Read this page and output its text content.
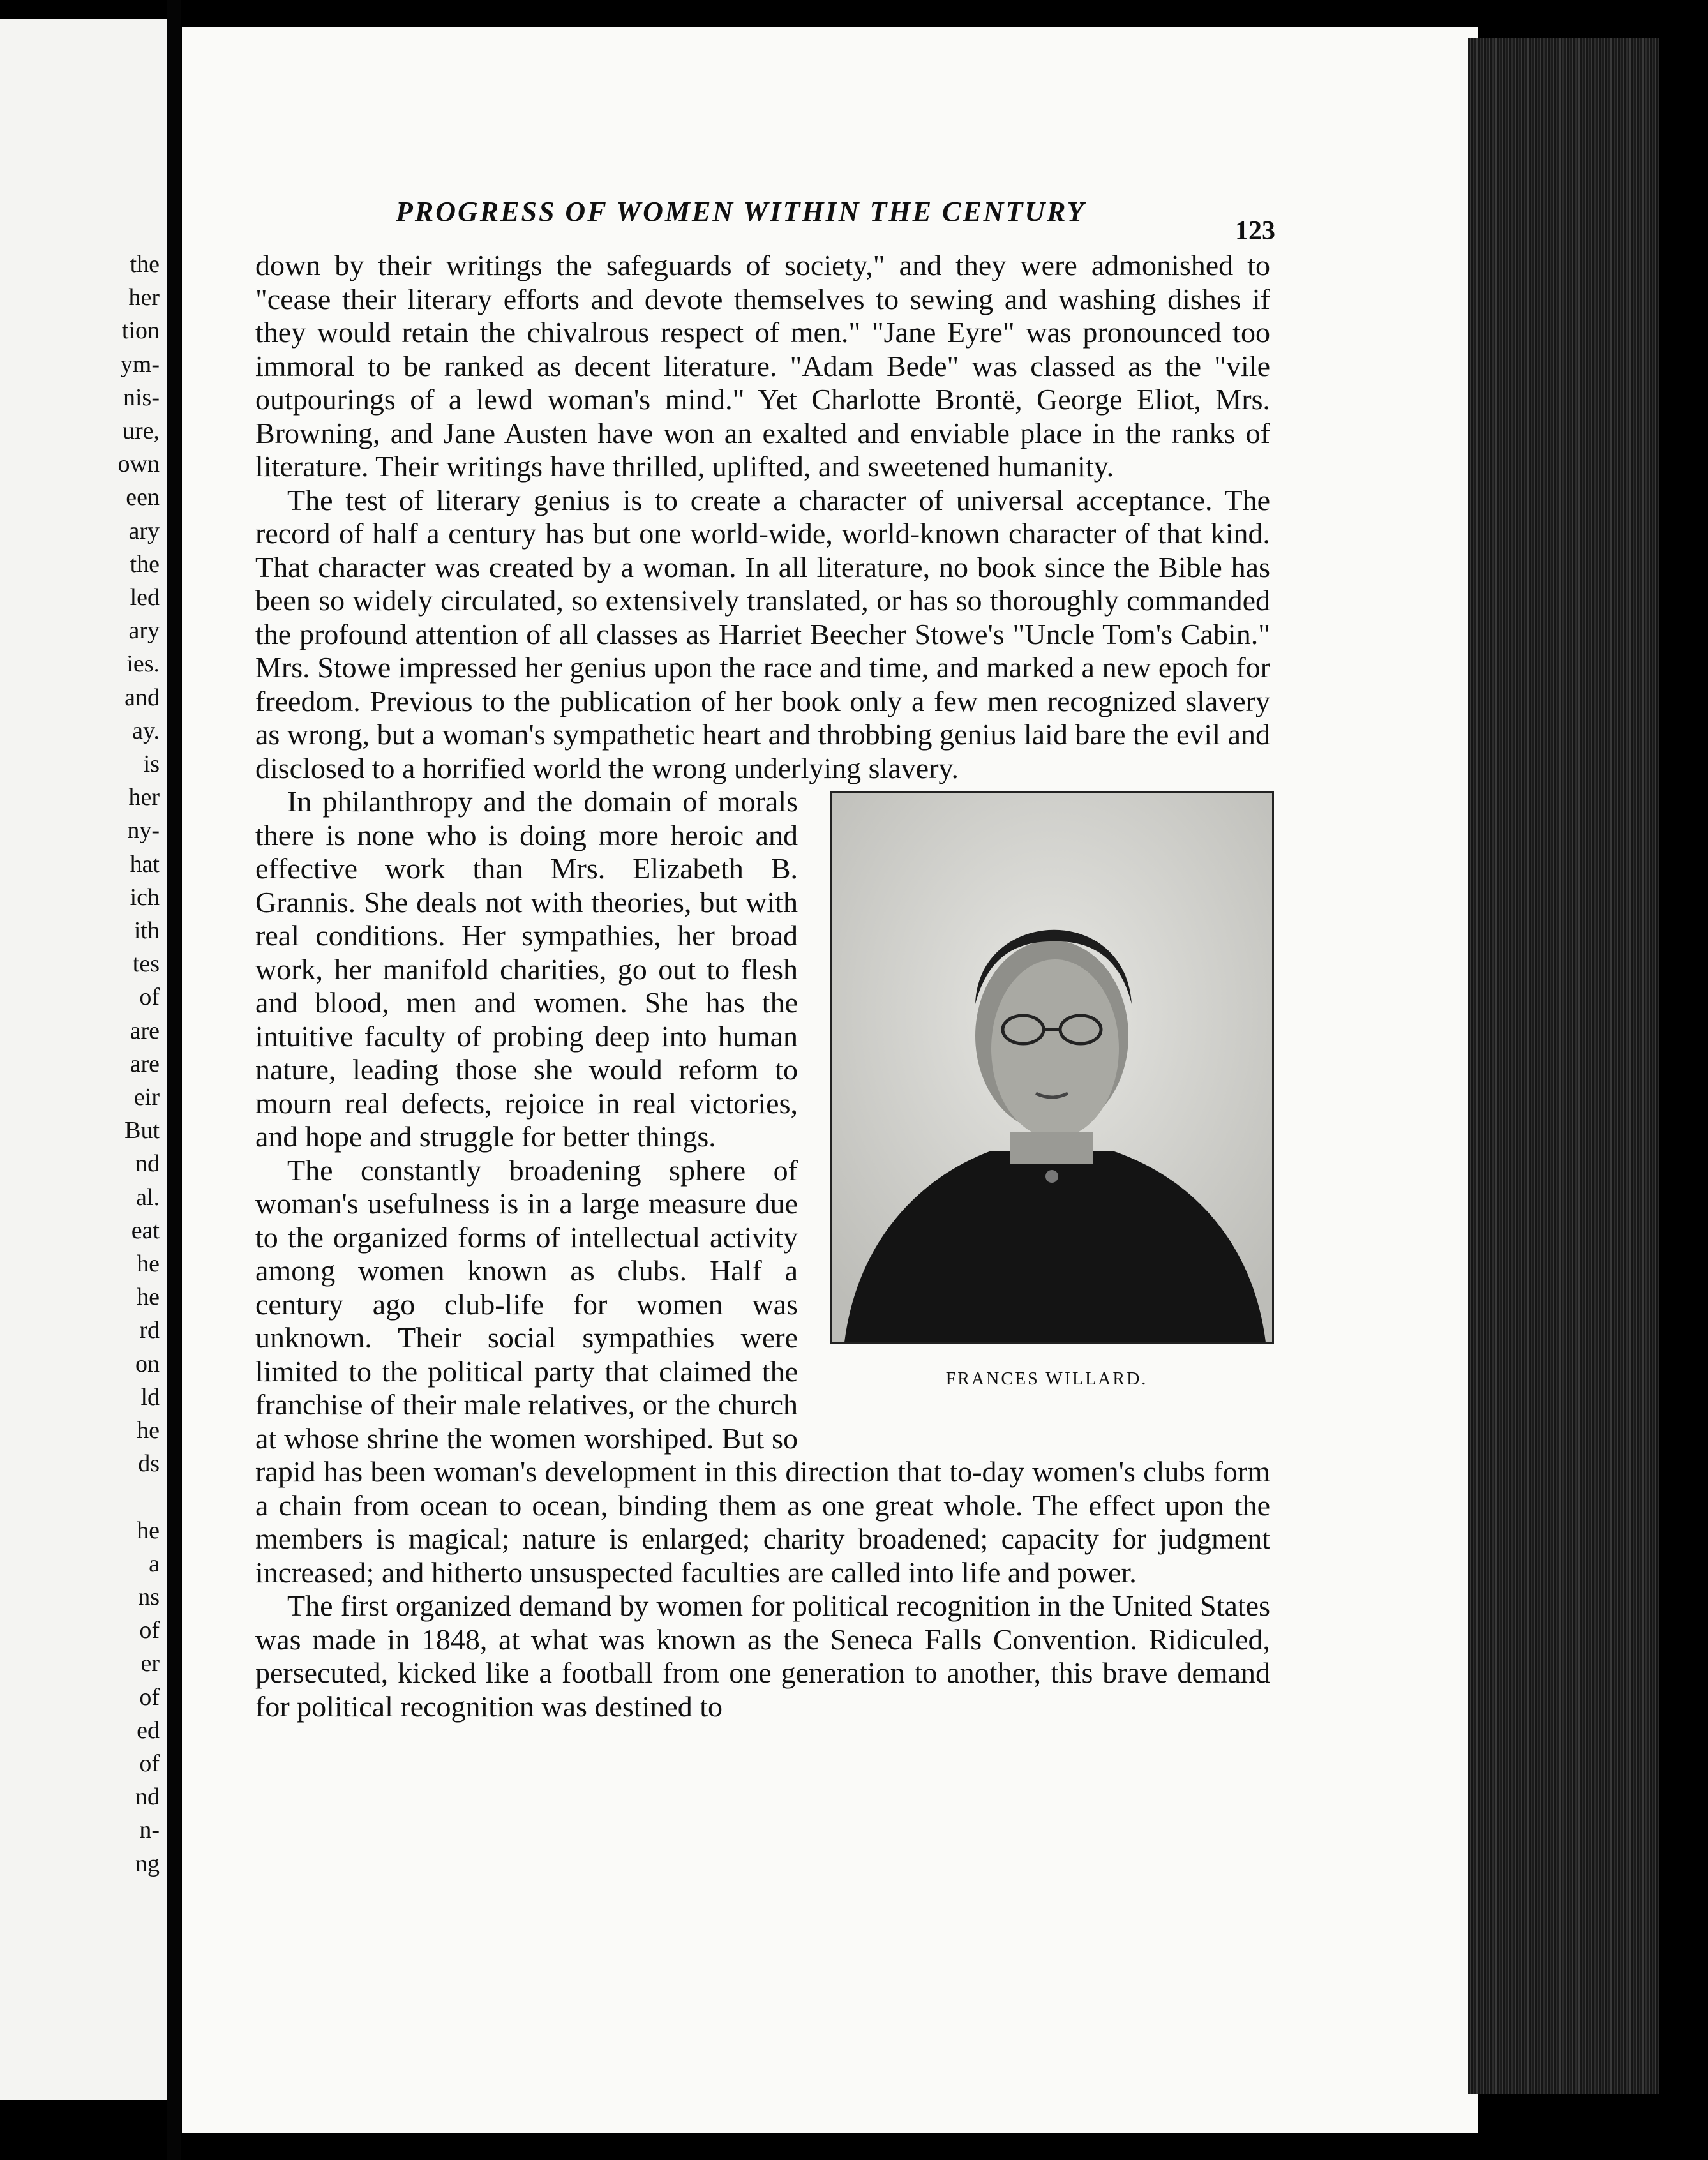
the
her
tion
ym-
nis-
ure,
own
een
ary
the
led
ary
ies.
and
ay.
is
her
ny-
hat
ich
ith
tes
of
are
are
eir
But
nd
al.
eat
he
he
rd
on
ld
he
ds
he
a
ns
of
er
of
ed
of
nd
n-
ng
PROGRESS OF WOMEN WITHIN THE CENTURY
123

down by their writings the safeguards of society," and they were admonished to "cease their literary efforts and devote themselves to sewing and washing dishes if they would retain the chivalrous respect of men." "Jane Eyre" was pronounced too immoral to be ranked as decent literature. "Adam Bede" was classed as the "vile outpourings of a lewd woman's mind." Yet Charlotte Brontë, George Eliot, Mrs. Browning, and Jane Austen have won an exalted and enviable place in the ranks of literature. Their writings have thrilled, uplifted, and sweetened humanity.

The test of literary genius is to create a character of universal acceptance. The record of half a century has but one world-wide, world-known character of that kind. That character was created by a woman. In all literature, no book since the Bible has been so widely circulated, so extensively translated, or has so thoroughly commanded the profound attention of all classes as Harriet Beecher Stowe's "Uncle Tom's Cabin." Mrs. Stowe impressed her genius upon the race and time, and marked a new epoch for freedom. Previous to the publication of her book only a few men recognized slavery as wrong, but a woman's sympathetic heart and throbbing genius laid bare the evil and disclosed to a horrified world the wrong underlying slavery.

FRANCES WILLARD.

In philanthropy and the domain of morals there is none who is doing more heroic and effective work than Mrs. Elizabeth B. Grannis. She deals not with theories, but with real conditions. Her sympathies, her broad work, her manifold charities, go out to flesh and blood, men and women. She has the intuitive faculty of probing deep into human nature, leading those she would reform to mourn real defects, rejoice in real victories, and hope and struggle for better things.

The constantly broadening sphere of woman's usefulness is in a large measure due to the organized forms of intellectual activity among women known as clubs. Half a century ago club-life for women was unknown. Their social sympathies were limited to the political party that claimed the franchise of their male relatives, or the church at whose shrine the women worshiped. But so rapid has been woman's development in this direction that to-day women's clubs form a chain from ocean to ocean, binding them as one great whole. The effect upon the members is magical; nature is enlarged; charity broadened; capacity for judgment increased; and hitherto unsuspected faculties are called into life and power.

The first organized demand by women for political recognition in the United States was made in 1848, at what was known as the Seneca Falls Convention. Ridiculed, persecuted, kicked like a football from one generation to another, this brave demand for political recognition was destined to
